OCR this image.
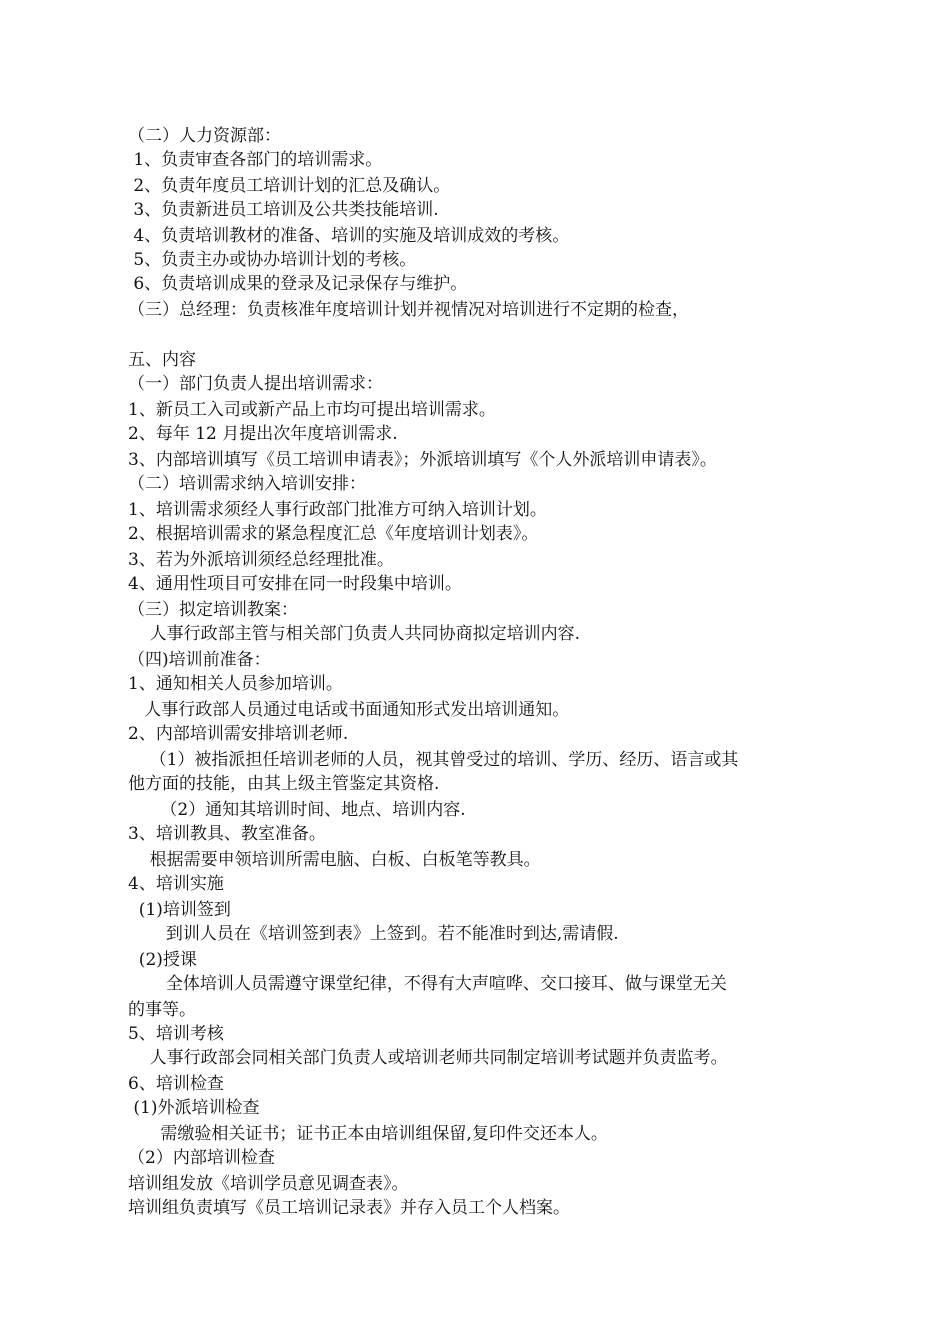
（二）人力资源部：
1、负责审查各部门的培训需求。
2、负责年度员工培训计划的汇总及确认。
3、负责新进员工培训及公共类技能培训.
4、负责培训教材的准备、培训的实施及培训成效的考核。
5、负责主办或协办培训计划的考核。
6、负责培训成果的登录及记录保存与维护。
（三）总经理：负责核准年度培训计划并视情况对培训进行不定期的检查，
五、内容
（一）部门负责人提出培训需求：
1、新员工入司或新产品上市均可提出培训需求。
2、每年 12 月提出次年度培训需求.
3、内部培训填写《员工培训申请表》；外派培训填写《个人外派培训申请表》。
（二）培训需求纳入培训安排：
1、培训需求须经人事行政部门批准方可纳入培训计划。
2、根据培训需求的紧急程度汇总《年度培训计划表》。
3、若为外派培训须经总经理批准。
4、通用性项目可安排在同一时段集中培训。
（三）拟定培训教案：
人事行政部主管与相关部门负责人共同协商拟定培训内容.
（四)培训前准备：
1、通知相关人员参加培训。
人事行政部人员通过电话或书面通知形式发出培训通知。
2、内部培训需安排培训老师.
（1）被指派担任培训老师的人员，视其曾受过的培训、学历、经历、语言或其
他方面的技能，由其上级主管鉴定其资格.
（2）通知其培训时间、地点、培训内容.
3、培训教具、教室准备。
根据需要申领培训所需电脑、白板、白板笔等教具。
4、培训实施
(1)培训签到
到训人员在《培训签到表》上签到。若不能准时到达,需请假.
(2)授课
全体培训人员需遵守课堂纪律，不得有大声喧哗、交口接耳、做与课堂无关
的事等。
5、培训考核
人事行政部会同相关部门负责人或培训老师共同制定培训考试题并负责监考。
6、培训检查
(1)外派培训检查
需缴验相关证书；证书正本由培训组保留,复印件交还本人。
（2）内部培训检查
培训组发放《培训学员意见调查表》。
培训组负责填写《员工培训记录表》并存入员工个人档案。
